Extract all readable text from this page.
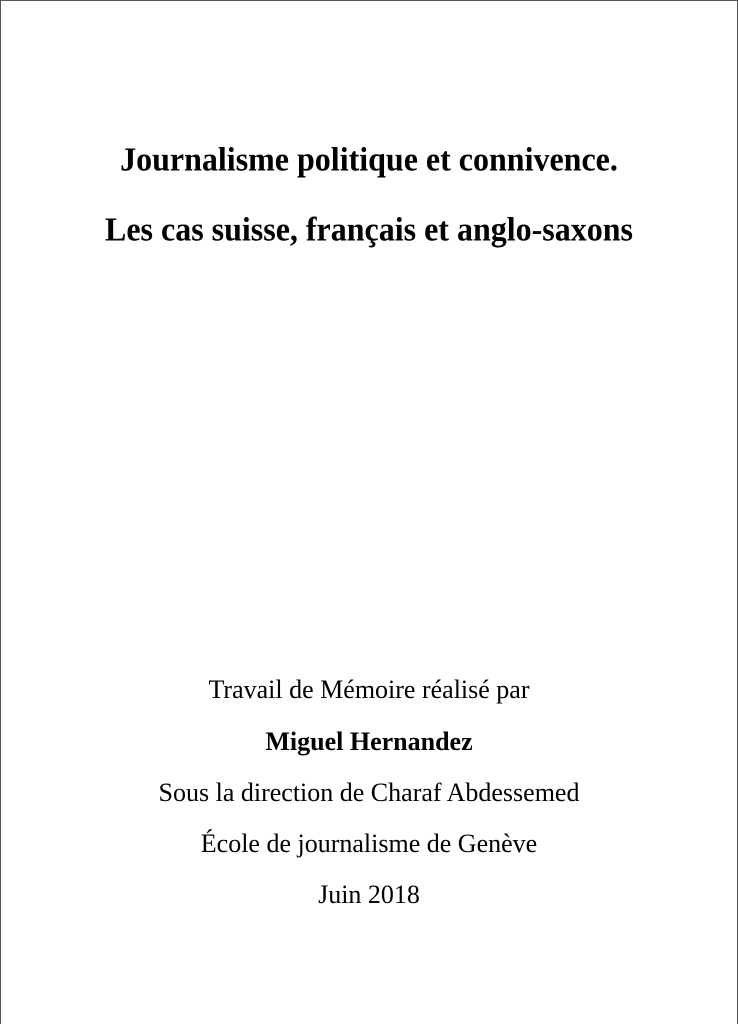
Journalisme politique et connivence.
Les cas suisse, français et anglo-saxons
Travail de Mémoire réalisé par
Miguel Hernandez
Sous la direction de Charaf Abdessemed
École de journalisme de Genève
Juin 2018
